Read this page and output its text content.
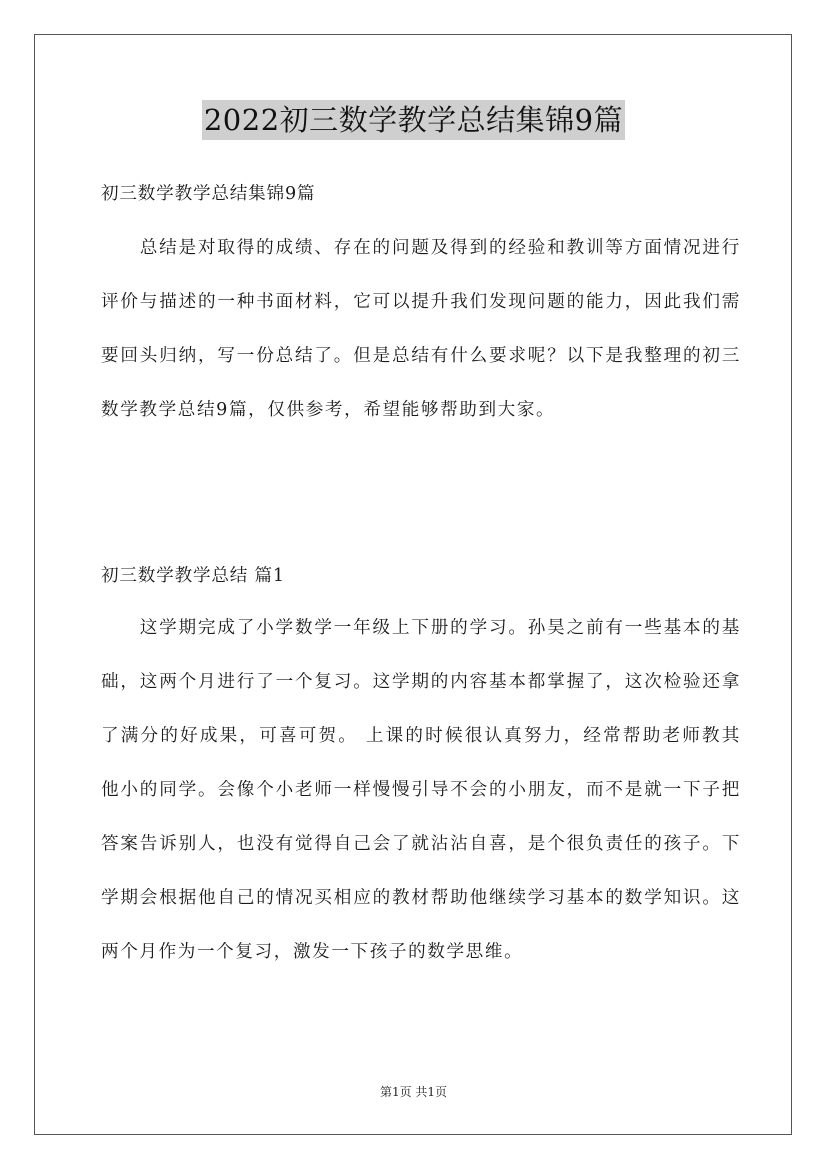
2022初三数学教学总结集锦9篇
初三数学教学总结集锦9篇
总结是对取得的成绩、存在的问题及得到的经验和教训等方面情况进行评价与描述的一种书面材料，它可以提升我们发现问题的能力，因此我们需要回头归纳，写一份总结了。但是总结有什么要求呢？以下是我整理的初三数学教学总结9篇，仅供参考，希望能够帮助到大家。
初三数学教学总结 篇1
这学期完成了小学数学一年级上下册的学习。孙昊之前有一些基本的基础，这两个月进行了一个复习。这学期的内容基本都掌握了，这次检验还拿了满分的好成果，可喜可贺。 上课的时候很认真努力，经常帮助老师教其他小的同学。会像个小老师一样慢慢引导不会的小朋友，而不是就一下子把答案告诉别人，也没有觉得自己会了就沾沾自喜，是个很负责任的孩子。下学期会根据他自己的情况买相应的教材帮助他继续学习基本的数学知识。这两个月作为一个复习，激发一下孩子的数学思维。
第1页 共1页
